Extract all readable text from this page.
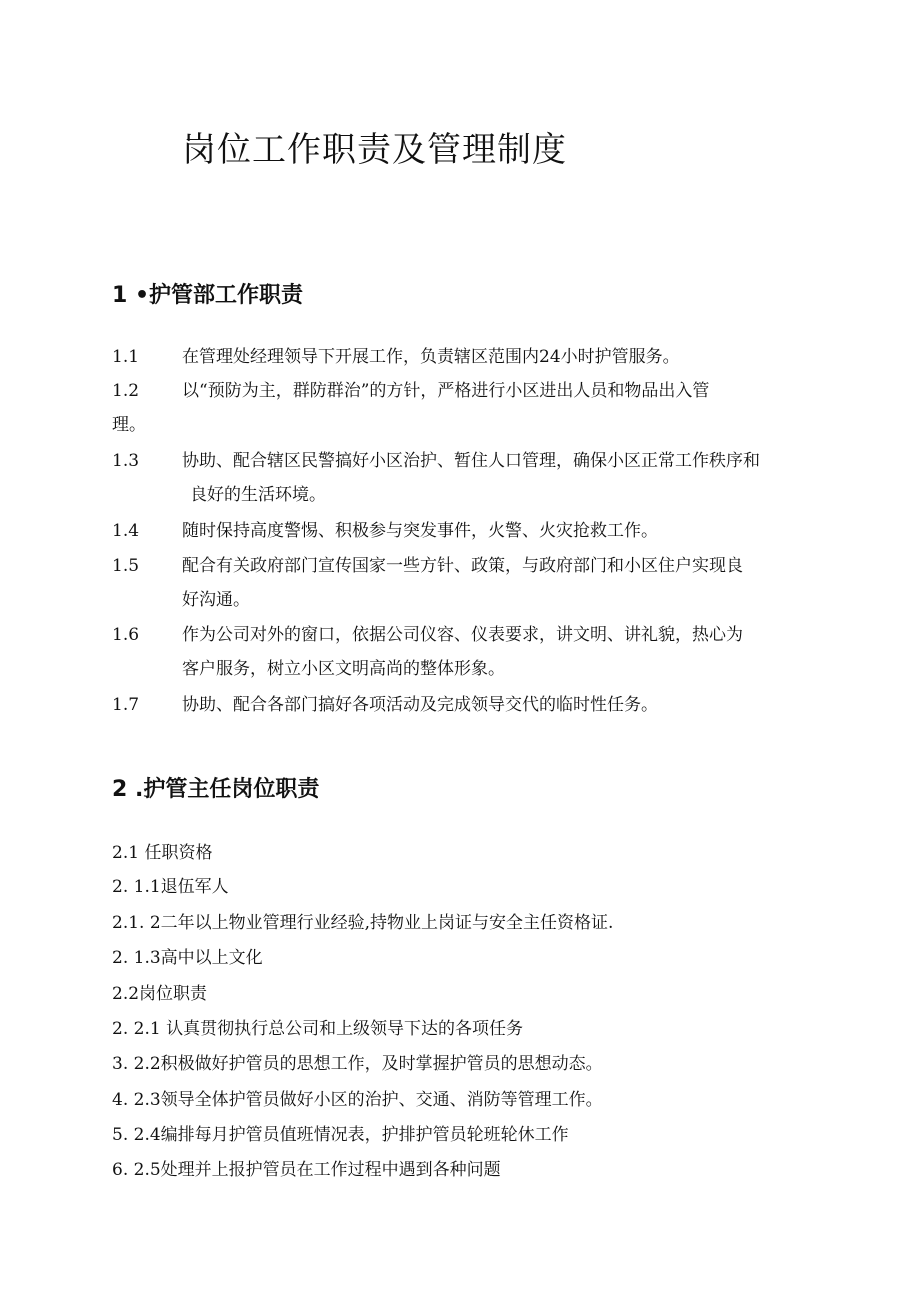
岗位工作职责及管理制度
1 •护管部工作职责
1.1	在管理处经理领导下开展工作，负责辖区范围内24小时护管服务。
1.2	以“预防为主，群防群治”的方针，严格进行小区进出人员和物品出入管
理。
1.3	协助、配合辖区民警搞好小区治护、暂住人口管理，确保小区正常工作秩序和
良好的生活环境。
1.4	随时保持高度警惕、积极参与突发事件，火警、火灾抢救工作。
1.5	配合有关政府部门宣传国家一些方针、政策，与政府部门和小区住户实现良
好沟通。
1.6	作为公司对外的窗口，依据公司仪容、仪表要求，讲文明、讲礼貌，热心为
客户服务，树立小区文明高尚的整体形象。
1.7	协助、配合各部门搞好各项活动及完成领导交代的临时性任务。
2 .护管主任岗位职责
2.1 任职资格
2. 1.1退伍军人
2.1. 2二年以上物业管理行业经验,持物业上岗证与安全主任资格证.
2. 1.3高中以上文化
2.2岗位职责
2. 2.1 认真贯彻执行总公司和上级领导下达的各项任务
3. 2.2积极做好护管员的思想工作，及时掌握护管员的思想动态。
4. 2.3领导全体护管员做好小区的治护、交通、消防等管理工作。
5. 2.4编排每月护管员值班情况表，护排护管员轮班轮休工作
6. 2.5处理并上报护管员在工作过程中遇到各种问题
